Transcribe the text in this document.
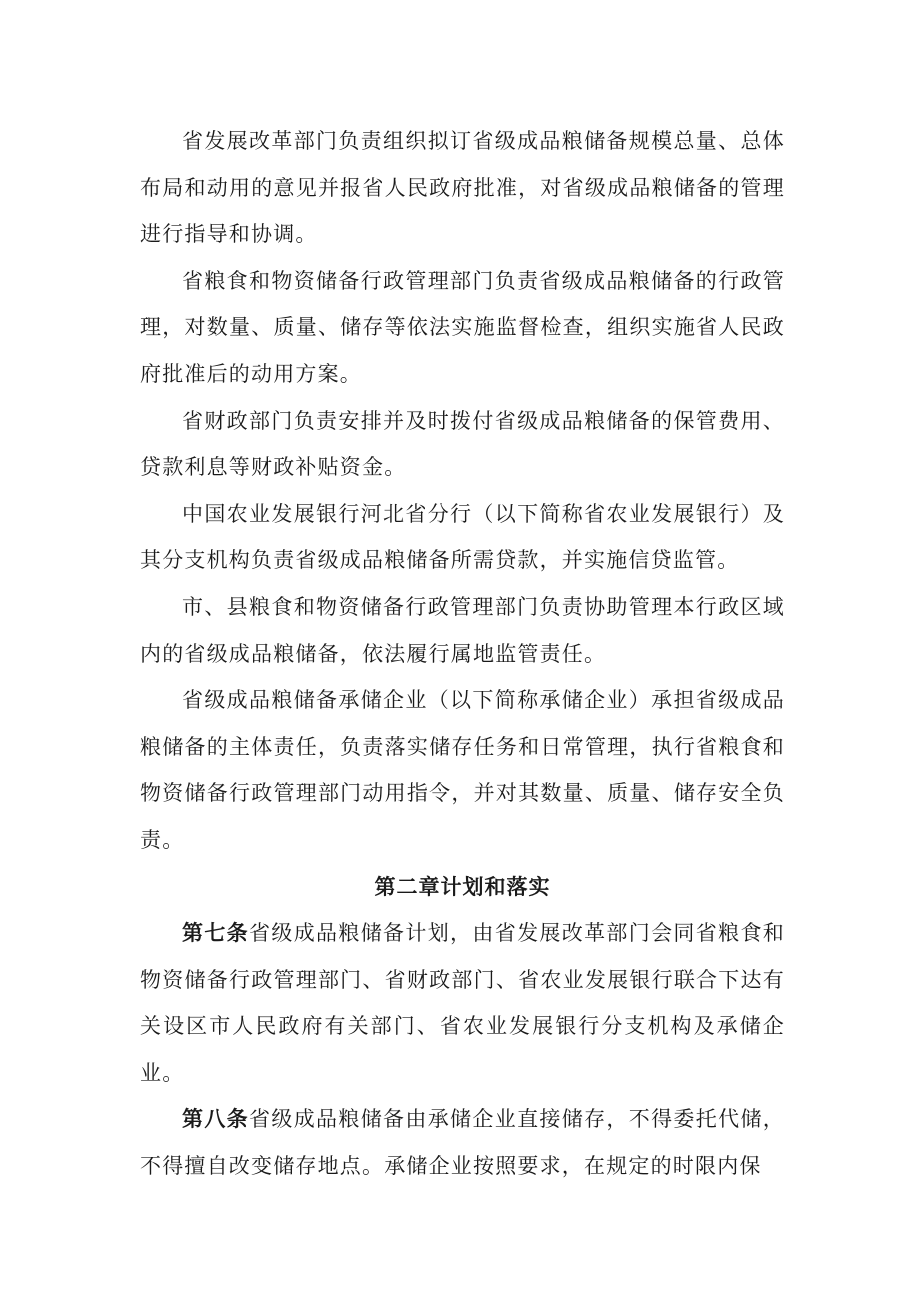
省发展改革部门负责组织拟订省级成品粮储备规模总量、总体布局和动用的意见并报省人民政府批准，对省级成品粮储备的管理进行指导和协调。

省粮食和物资储备行政管理部门负责省级成品粮储备的行政管理，对数量、质量、储存等依法实施监督检查，组织实施省人民政府批准后的动用方案。

省财政部门负责安排并及时拨付省级成品粮储备的保管费用、贷款利息等财政补贴资金。

中国农业发展银行河北省分行（以下简称省农业发展银行）及其分支机构负责省级成品粮储备所需贷款，并实施信贷监管。

市、县粮食和物资储备行政管理部门负责协助管理本行政区域内的省级成品粮储备，依法履行属地监管责任。

省级成品粮储备承储企业（以下简称承储企业）承担省级成品粮储备的主体责任，负责落实储存任务和日常管理，执行省粮食和物资储备行政管理部门动用指令，并对其数量、质量、储存安全负责。

第二章计划和落实

第七条省级成品粮储备计划，由省发展改革部门会同省粮食和物资储备行政管理部门、省财政部门、省农业发展银行联合下达有关设区市人民政府有关部门、省农业发展银行分支机构及承储企业。

第八条省级成品粮储备由承储企业直接储存，不得委托代储，不得擅自改变储存地点。承储企业按照要求，在规定的时限内保
